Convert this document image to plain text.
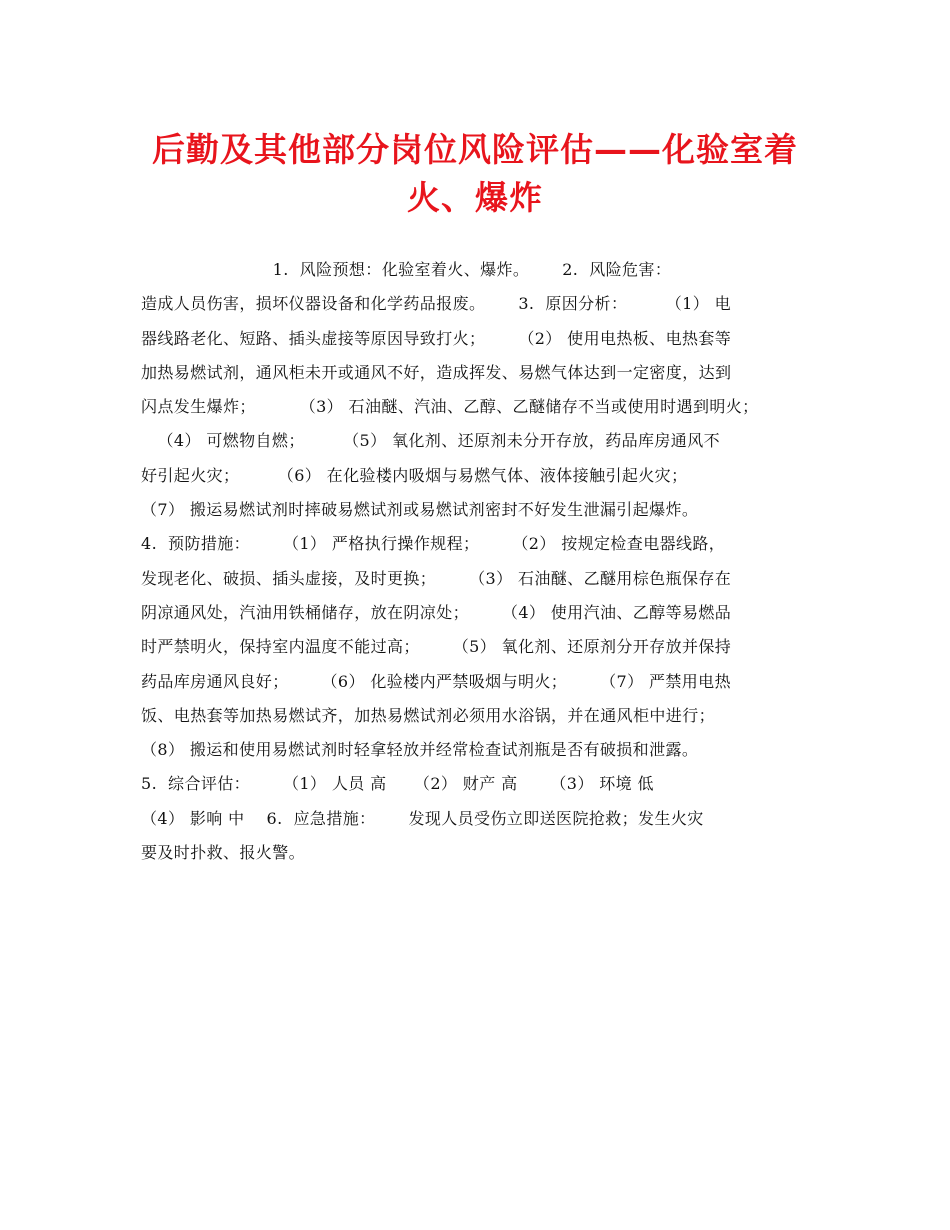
后勤及其他部分岗位风险评估——化验室着
火、爆炸
1.  风险预想：化验室着火、爆炸。      2.  风险危害：
造成人员伤害，损坏仪器设备和化学药品报废。      3.  原因分析：       （1） 电
器线路老化、短路、插头虚接等原因导致打火；      （2） 使用电热板、电热套等
加热易燃试剂，通风柜未开或通风不好，造成挥发、易燃气体达到一定密度，达到
闪点发生爆炸；        （3） 石油醚、汽油、乙醇、乙醚储存不当或使用时遇到明火；
（4） 可燃物自燃；       （5） 氧化剂、还原剂未分开存放，药品库房通风不
好引起火灾；       （6） 在化验楼内吸烟与易燃气体、液体接触引起火灾；
（7） 搬运易燃试剂时摔破易燃试剂或易燃试剂密封不好发生泄漏引起爆炸。
4.  预防措施：      （1） 严格执行操作规程；      （2） 按规定检查电器线路，
发现老化、破损、插头虚接，及时更换；      （3） 石油醚、乙醚用棕色瓶保存在
阴凉通风处，汽油用铁桶储存，放在阴凉处；      （4） 使用汽油、乙醇等易燃品
时严禁明火，保持室内温度不能过高；      （5） 氧化剂、还原剂分开存放并保持
药品库房通风良好；      （6） 化验楼内严禁吸烟与明火；      （7） 严禁用电热
饭、电热套等加热易燃试齐，加热易燃试剂必须用水浴锅，并在通风柜中进行；
（8） 搬运和使用易燃试剂时轻拿轻放并经常检查试剂瓶是否有破损和泄露。
5.  综合评估：      （1） 人员 高     （2） 财产 高      （3） 环境 低
（4） 影响 中    6.  应急措施：      发现人员受伤立即送医院抢救；发生火灾
要及时扑救、报火警。
